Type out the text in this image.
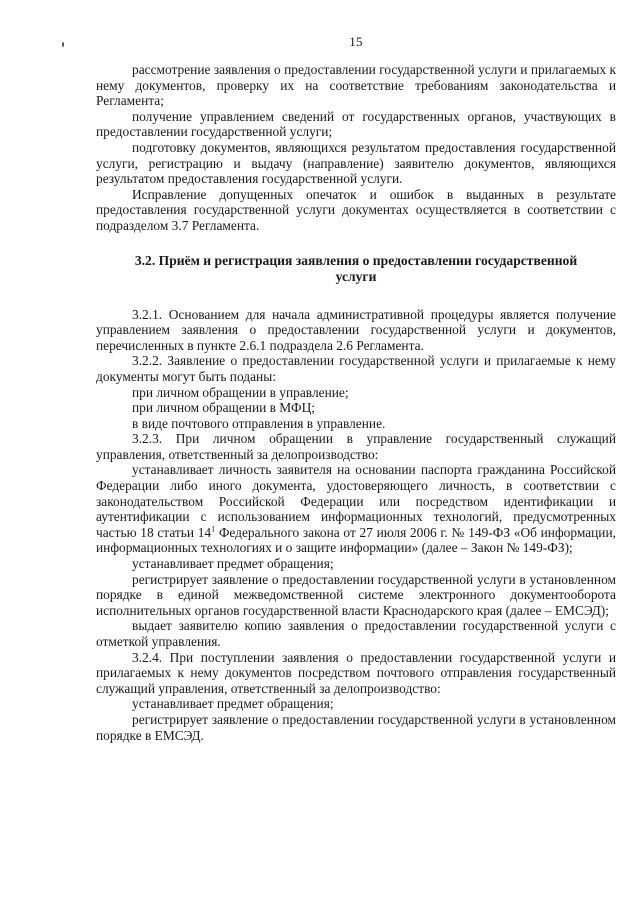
15

рассмотрение заявления о предоставлении государственной услуги и прилагаемых к нему документов, проверку их на соответствие требованиям законодательства и Регламента;

получение управлением сведений от государственных органов, участвующих в предоставлении государственной услуги;

подготовку документов, являющихся результатом предоставления государственной услуги, регистрацию и выдачу (направление) заявителю документов, являющихся результатом предоставления государственной услуги.

Исправление допущенных опечаток и ошибок в выданных в результате предоставления государственной услуги документах осуществляется в соответствии с подразделом 3.7 Регламента.

3.2. Приём и регистрация заявления о предоставлении государственной услуги

3.2.1. Основанием для начала административной процедуры является получение управлением заявления о предоставлении государственной услуги и документов, перечисленных в пункте 2.6.1 подраздела 2.6 Регламента.

3.2.2. Заявление о предоставлении государственной услуги и прилагаемые к нему документы могут быть поданы:

при личном обращении в управление;

при личном обращении в МФЦ;

в виде почтового отправления в управление.

3.2.3. При личном обращении в управление государственный служащий управления, ответственный за делопроизводство:

устанавливает личность заявителя на основании паспорта гражданина Российской Федерации либо иного документа, удостоверяющего личность, в соответствии с законодательством Российской Федерации или посредством идентификации и аутентификации с использованием информационных технологий, предусмотренных частью 18 статьи $14^1$ Федерального закона от 27 июля 2006 г. № 149-ФЗ «Об информации, информационных технологиях и о защите информации» (далее – Закон № 149-ФЗ);

устанавливает предмет обращения;

регистрирует заявление о предоставлении государственной услуги в установленном порядке в единой межведомственной системе электронного документооборота исполнительных органов государственной власти Краснодарского края (далее – ЕМСЭД);

выдает заявителю копию заявления о предоставлении государственной услуги с отметкой управления.

3.2.4. При поступлении заявления о предоставлении государственной услуги и прилагаемых к нему документов посредством почтового отправления государственный служащий управления, ответственный за делопроизводство:

устанавливает предмет обращения;

регистрирует заявление о предоставлении государственной услуги в установленном порядке в ЕМСЭД.
